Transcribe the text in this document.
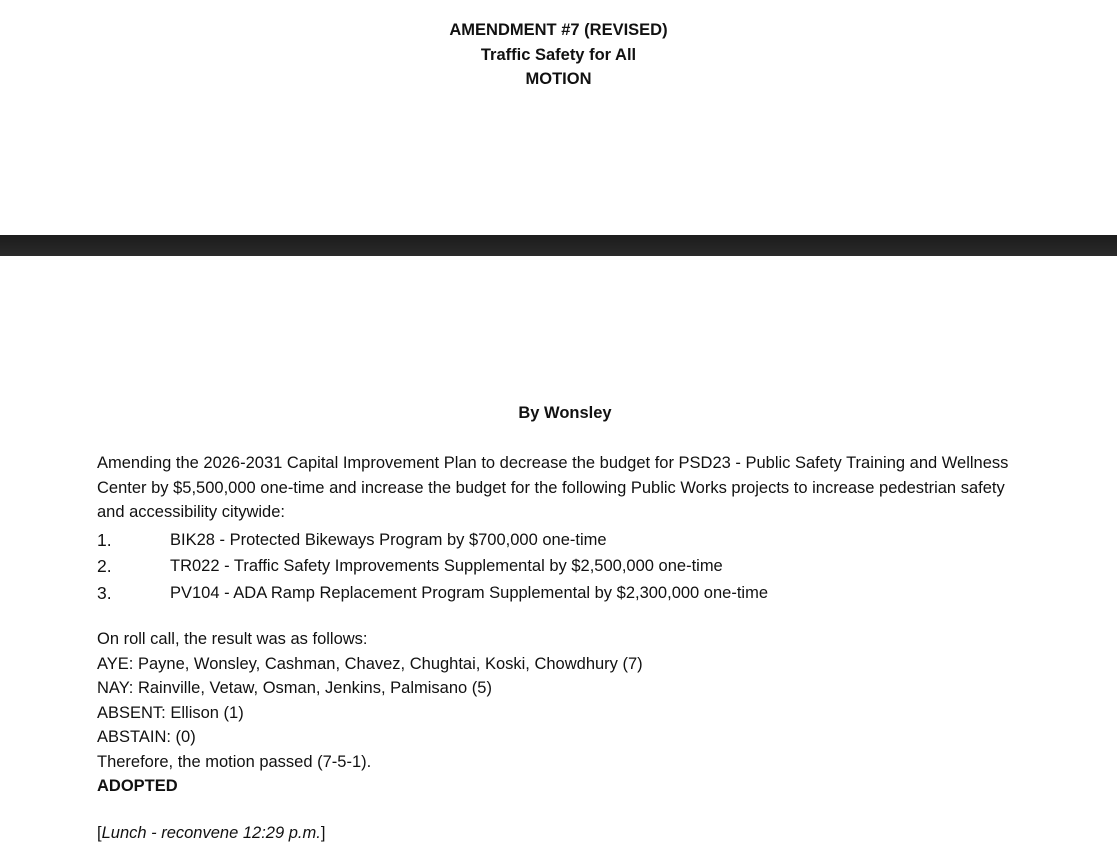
AMENDMENT #7 (REVISED)
Traffic Safety for All
MOTION
By Wonsley

Amending the 2026-2031 Capital Improvement Plan to decrease the budget for PSD23 - Public Safety Training and Wellness Center by $5,500,000 one-time and increase the budget for the following Public Works projects to increase pedestrian safety and accessibility citywide:

1.	BIK28 - Protected Bikeways Program by $700,000 one-time
2.	TR022 - Traffic Safety Improvements Supplemental by $2,500,000 one-time
3.	PV104 - ADA Ramp Replacement Program Supplemental by $2,300,000 one-time
On roll call, the result was as follows:
AYE: Payne, Wonsley, Cashman, Chavez, Chughtai, Koski, Chowdhury (7)
NAY: Rainville, Vetaw, Osman, Jenkins, Palmisano (5)
ABSENT: Ellison (1)
ABSTAIN: (0)
Therefore, the motion passed (7-5-1).
ADOPTED
[Lunch - reconvene 12:29 p.m.]
